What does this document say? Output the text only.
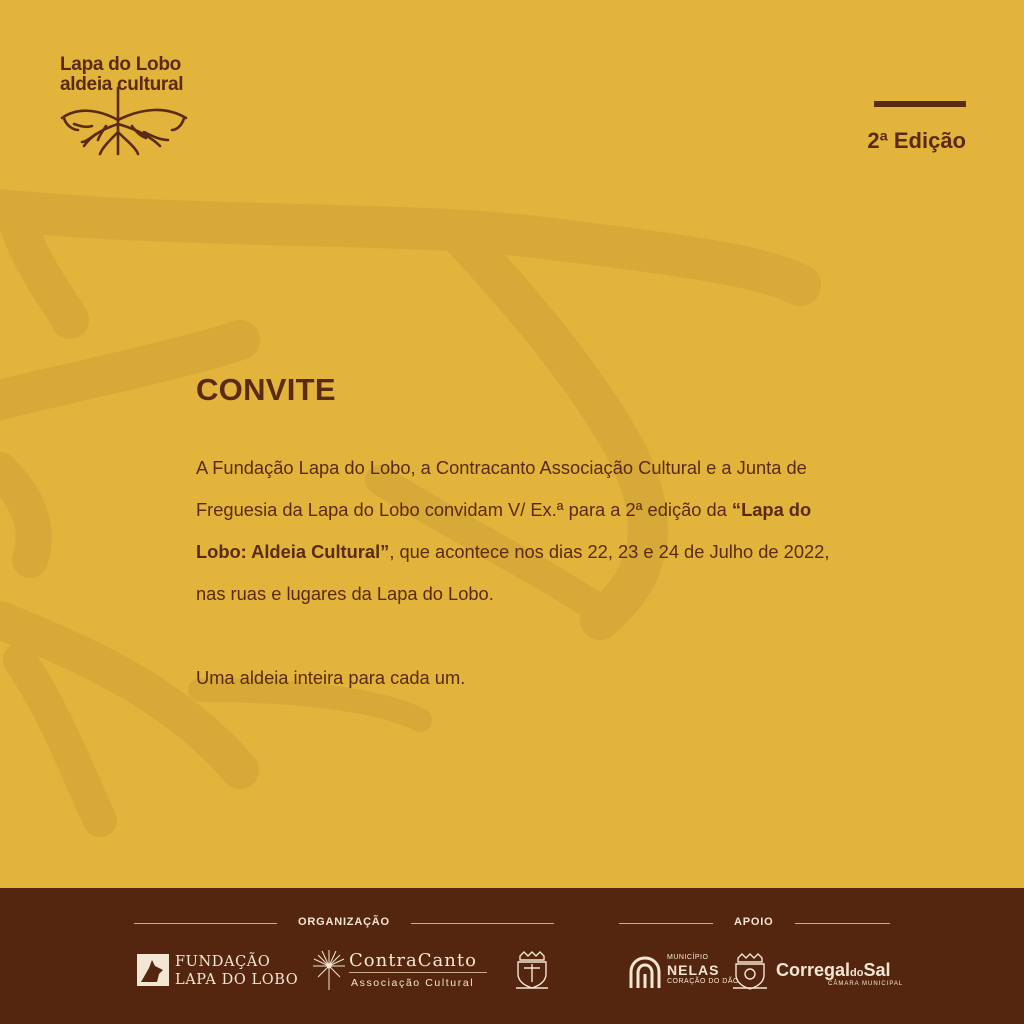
Lapa do Lobo
aldeia cultural
2ª Edição
CONVITE

A Fundação Lapa do Lobo, a Contracanto Associação Cultural e a Junta de Freguesia da Lapa do Lobo convidam V/ Ex.ª para a 2ª edição da “Lapa do Lobo: Aldeia Cultural”, que acontece nos dias 22, 23 e 24 de Julho de 2022, nas ruas e lugares da Lapa do Lobo.

Uma aldeia inteira para cada um.
ORGANIZAÇÃO	APOIO
FUNDAÇÃO
LAPA DO LOBO
ContraCanto
Associação Cultural
MUNICÍPIO
NELAS
CORAÇÃO DO DÃO
CorregaldoSal
CÂMARA MUNICIPAL
